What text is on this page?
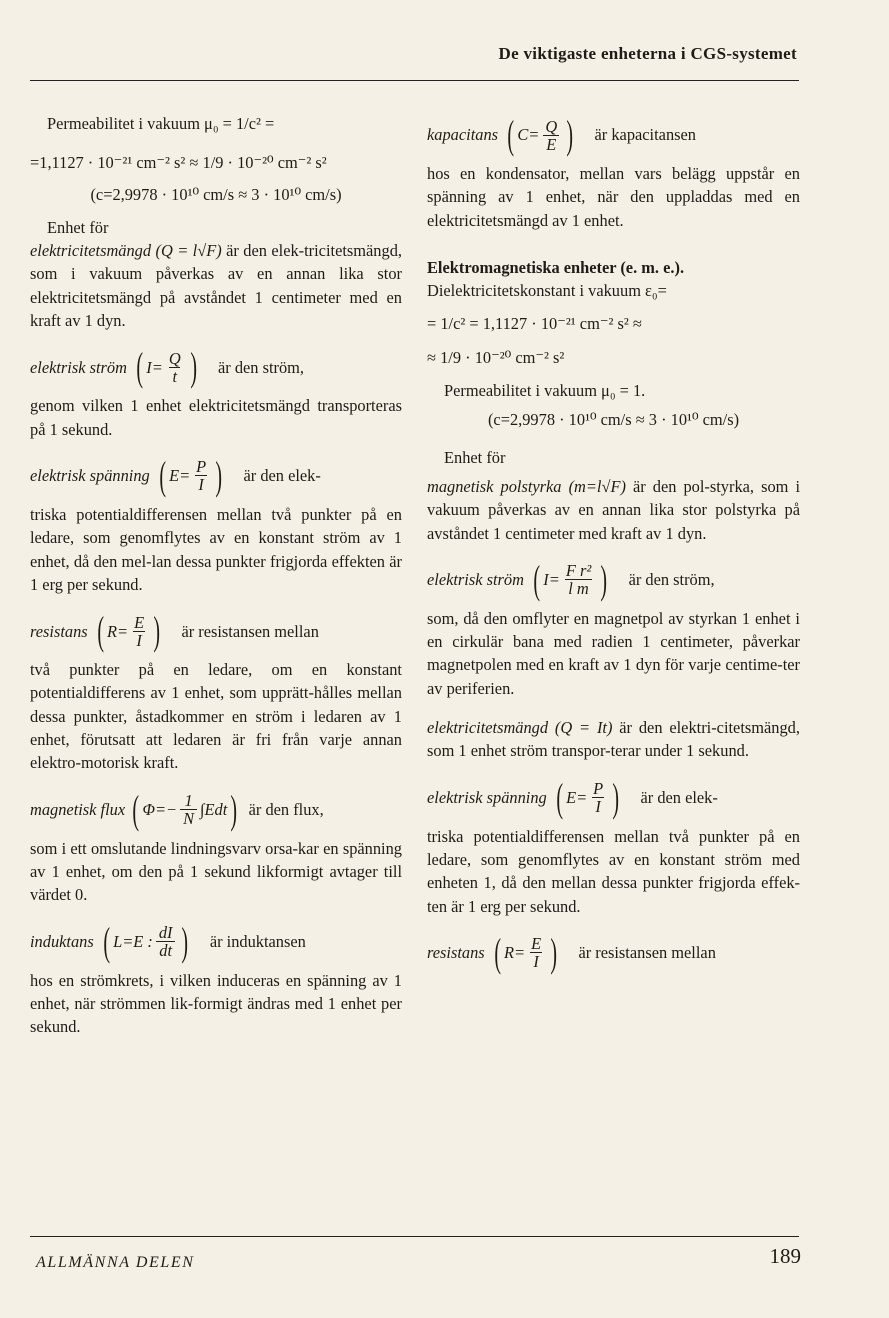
De viktigaste enheterna i CGS-systemet
Permeabilitet i vakuum μ₀ = 1/c² =
=1,1127 · 10⁻²¹ cm⁻² s² ≈ 1/9 · 10⁻²⁰ cm⁻² s²
(c=2,9978 · 10¹⁰ cm/s ≈ 3 · 10¹⁰ cm/s)
Enhet för
elektricitetsmängd (Q = l√F) är den elek-tricitetsmängd, som i vakuum påverkas av en annan lika stor elektricitetsmängd på avståndet 1 centimeter med en kraft av 1 dyn.
elektrisk ström ( $I= \frac{Q}{t}$ ) är den ström,
genom vilken 1 enhet elektricitetsmängd transporteras på 1 sekund.
elektrisk spänning ( $E= \frac{P}{I}$ ) är den elek-
triska potentialdifferensen mellan två punkter på en ledare, som genomflytes av en konstant ström av 1 enhet, då den mel-lan dessa punkter frigjorda effekten är 1 erg per sekund.
resistans ( $R= \frac{E}{I}$ ) är resistansen mellan
två punkter på en ledare, om en konstant potentialdifferens av 1 enhet, som upprätt-hålles mellan dessa punkter, åstadkommer en ström i ledaren av 1 enhet, förutsatt att ledaren är fri från varje annan elektro-motorisk kraft.
magnetisk flux ( $\Phi=- \frac{1}{N} \int Edt$ ) är den flux,
som i ett omslutande lindningsvarv orsa-kar en spänning av 1 enhet, om den på 1 sekund likformigt avtager till värdet 0.
induktans ( L=E : $\frac{dI}{dt}$ ) är induktansen
hos en strömkrets, i vilken induceras en spänning av 1 enhet, när strömmen lik-formigt ändras med 1 enhet per sekund.
kapacitans ( $C= \frac{Q}{E}$ ) är kapacitansen
hos en kondensator, mellan vars belägg uppstår en spänning av 1 enhet, när den uppladdas med en elektricitetsmängd av 1 enhet.
Elektromagnetiska enheter (e. m. e.).
Dielektricitetskonstant i vakuum ε₀=
= 1/c² = 1,1127 · 10⁻²¹ cm⁻² s² ≈
≈ 1/9 · 10⁻²⁰ cm⁻² s²
Permeabilitet i vakuum μ₀ = 1.
(c=2,9978 · 10¹⁰ cm/s ≈ 3 · 10¹⁰ cm/s)
Enhet för
magnetisk polstyrka (m=l√F) är den pol-styrka, som i vakuum påverkas av en annan lika stor polstyrka på avståndet 1 centimeter med kraft av 1 dyn.
elektrisk ström ( $I= \frac{\text{F r²}}{\text{l m}}$ ) är den ström,
som, då den omflyter en magnetpol av styrkan 1 enhet i en cirkulär bana med radien 1 centimeter, påverkar magnetpolen med en kraft av 1 dyn för varje centime-ter av periferien.
elektricitetsmängd (Q = It) är den elektri-citetsmängd, som 1 enhet ström transpor-terar under 1 sekund.
elektrisk spänning ( $E= \frac{P}{I}$ ) är den elek-
triska potentialdifferensen mellan två punkter på en ledare, som genomflytes av en konstant ström med enheten 1, då den mellan dessa punkter frigjorda effek-ten är 1 erg per sekund.
resistans ( $R= \frac{E}{I}$ ) är resistansen mellan
ALLMÄNNA DELEN	189
